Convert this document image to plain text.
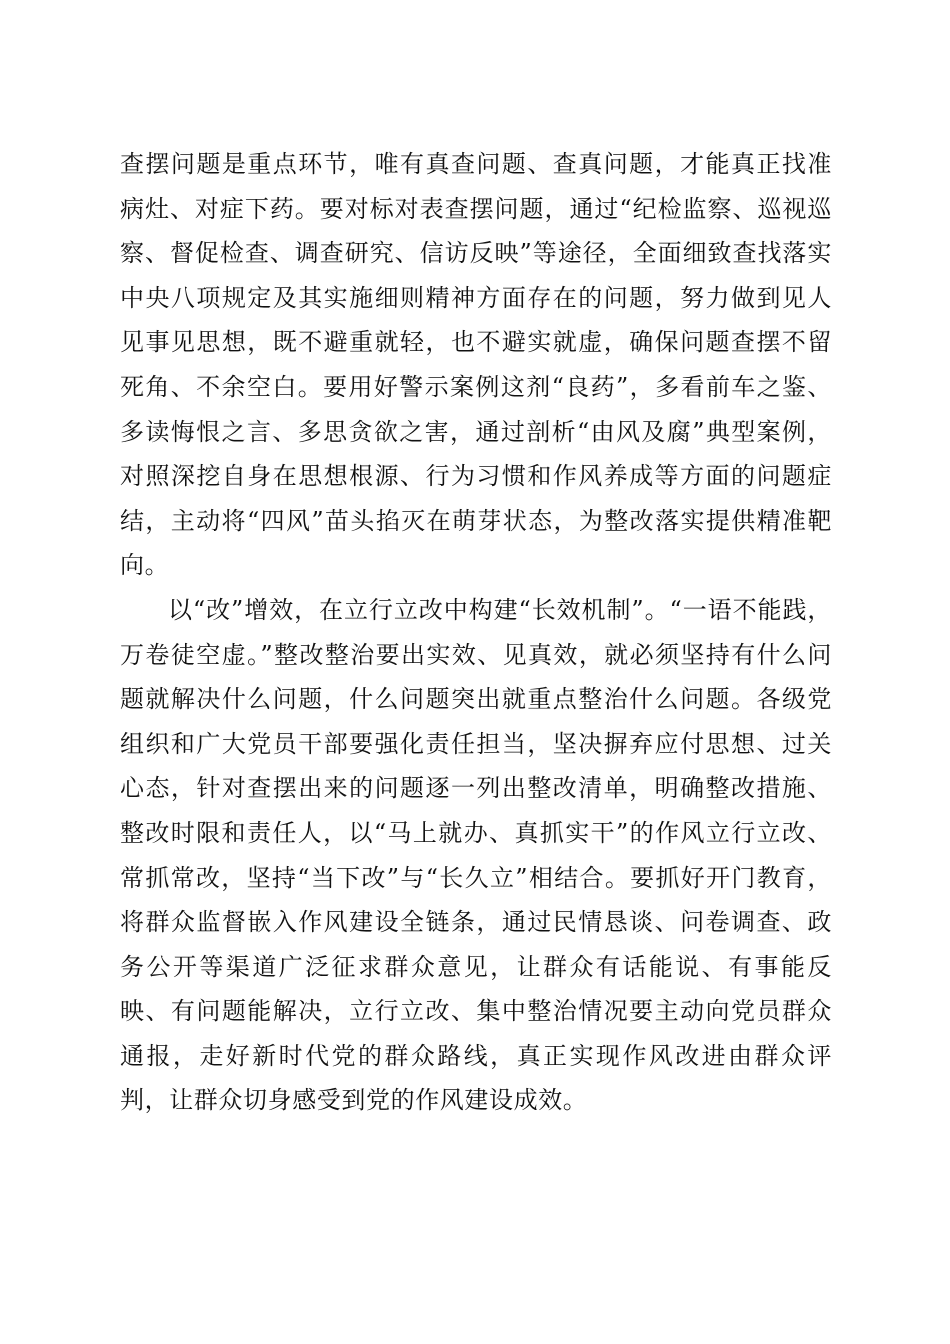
查摆问题是重点环节，唯有真查问题、查真问题，才能真正找准病灶、对症下药。要对标对表查摆问题，通过“纪检监察、巡视巡察、督促检查、调查研究、信访反映”等途径，全面细致查找落实中央八项规定及其实施细则精神方面存在的问题，努力做到见人见事见思想，既不避重就轻，也不避实就虚，确保问题查摆不留死角、不余空白。要用好警示案例这剂“良药”，多看前车之鉴、多读悔恨之言、多思贪欲之害，通过剖析“由风及腐”典型案例，对照深挖自身在思想根源、行为习惯和作风养成等方面的问题症结，主动将“四风”苗头掐灭在萌芽状态，为整改落实提供精准靶向。

以“改”增效，在立行立改中构建“长效机制”。“一语不能践，万卷徒空虚。”整改整治要出实效、见真效，就必须坚持有什么问题就解决什么问题，什么问题突出就重点整治什么问题。各级党组织和广大党员干部要强化责任担当，坚决摒弃应付思想、过关心态，针对查摆出来的问题逐一列出整改清单，明确整改措施、整改时限和责任人，以“马上就办、真抓实干”的作风立行立改、常抓常改，坚持“当下改”与“长久立”相结合。要抓好开门教育，将群众监督嵌入作风建设全链条，通过民情恳谈、问卷调查、政务公开等渠道广泛征求群众意见，让群众有话能说、有事能反映、有问题能解决，立行立改、集中整治情况要主动向党员群众通报，走好新时代党的群众路线，真正实现作风改进由群众评判，让群众切身感受到党的作风建设成效。
